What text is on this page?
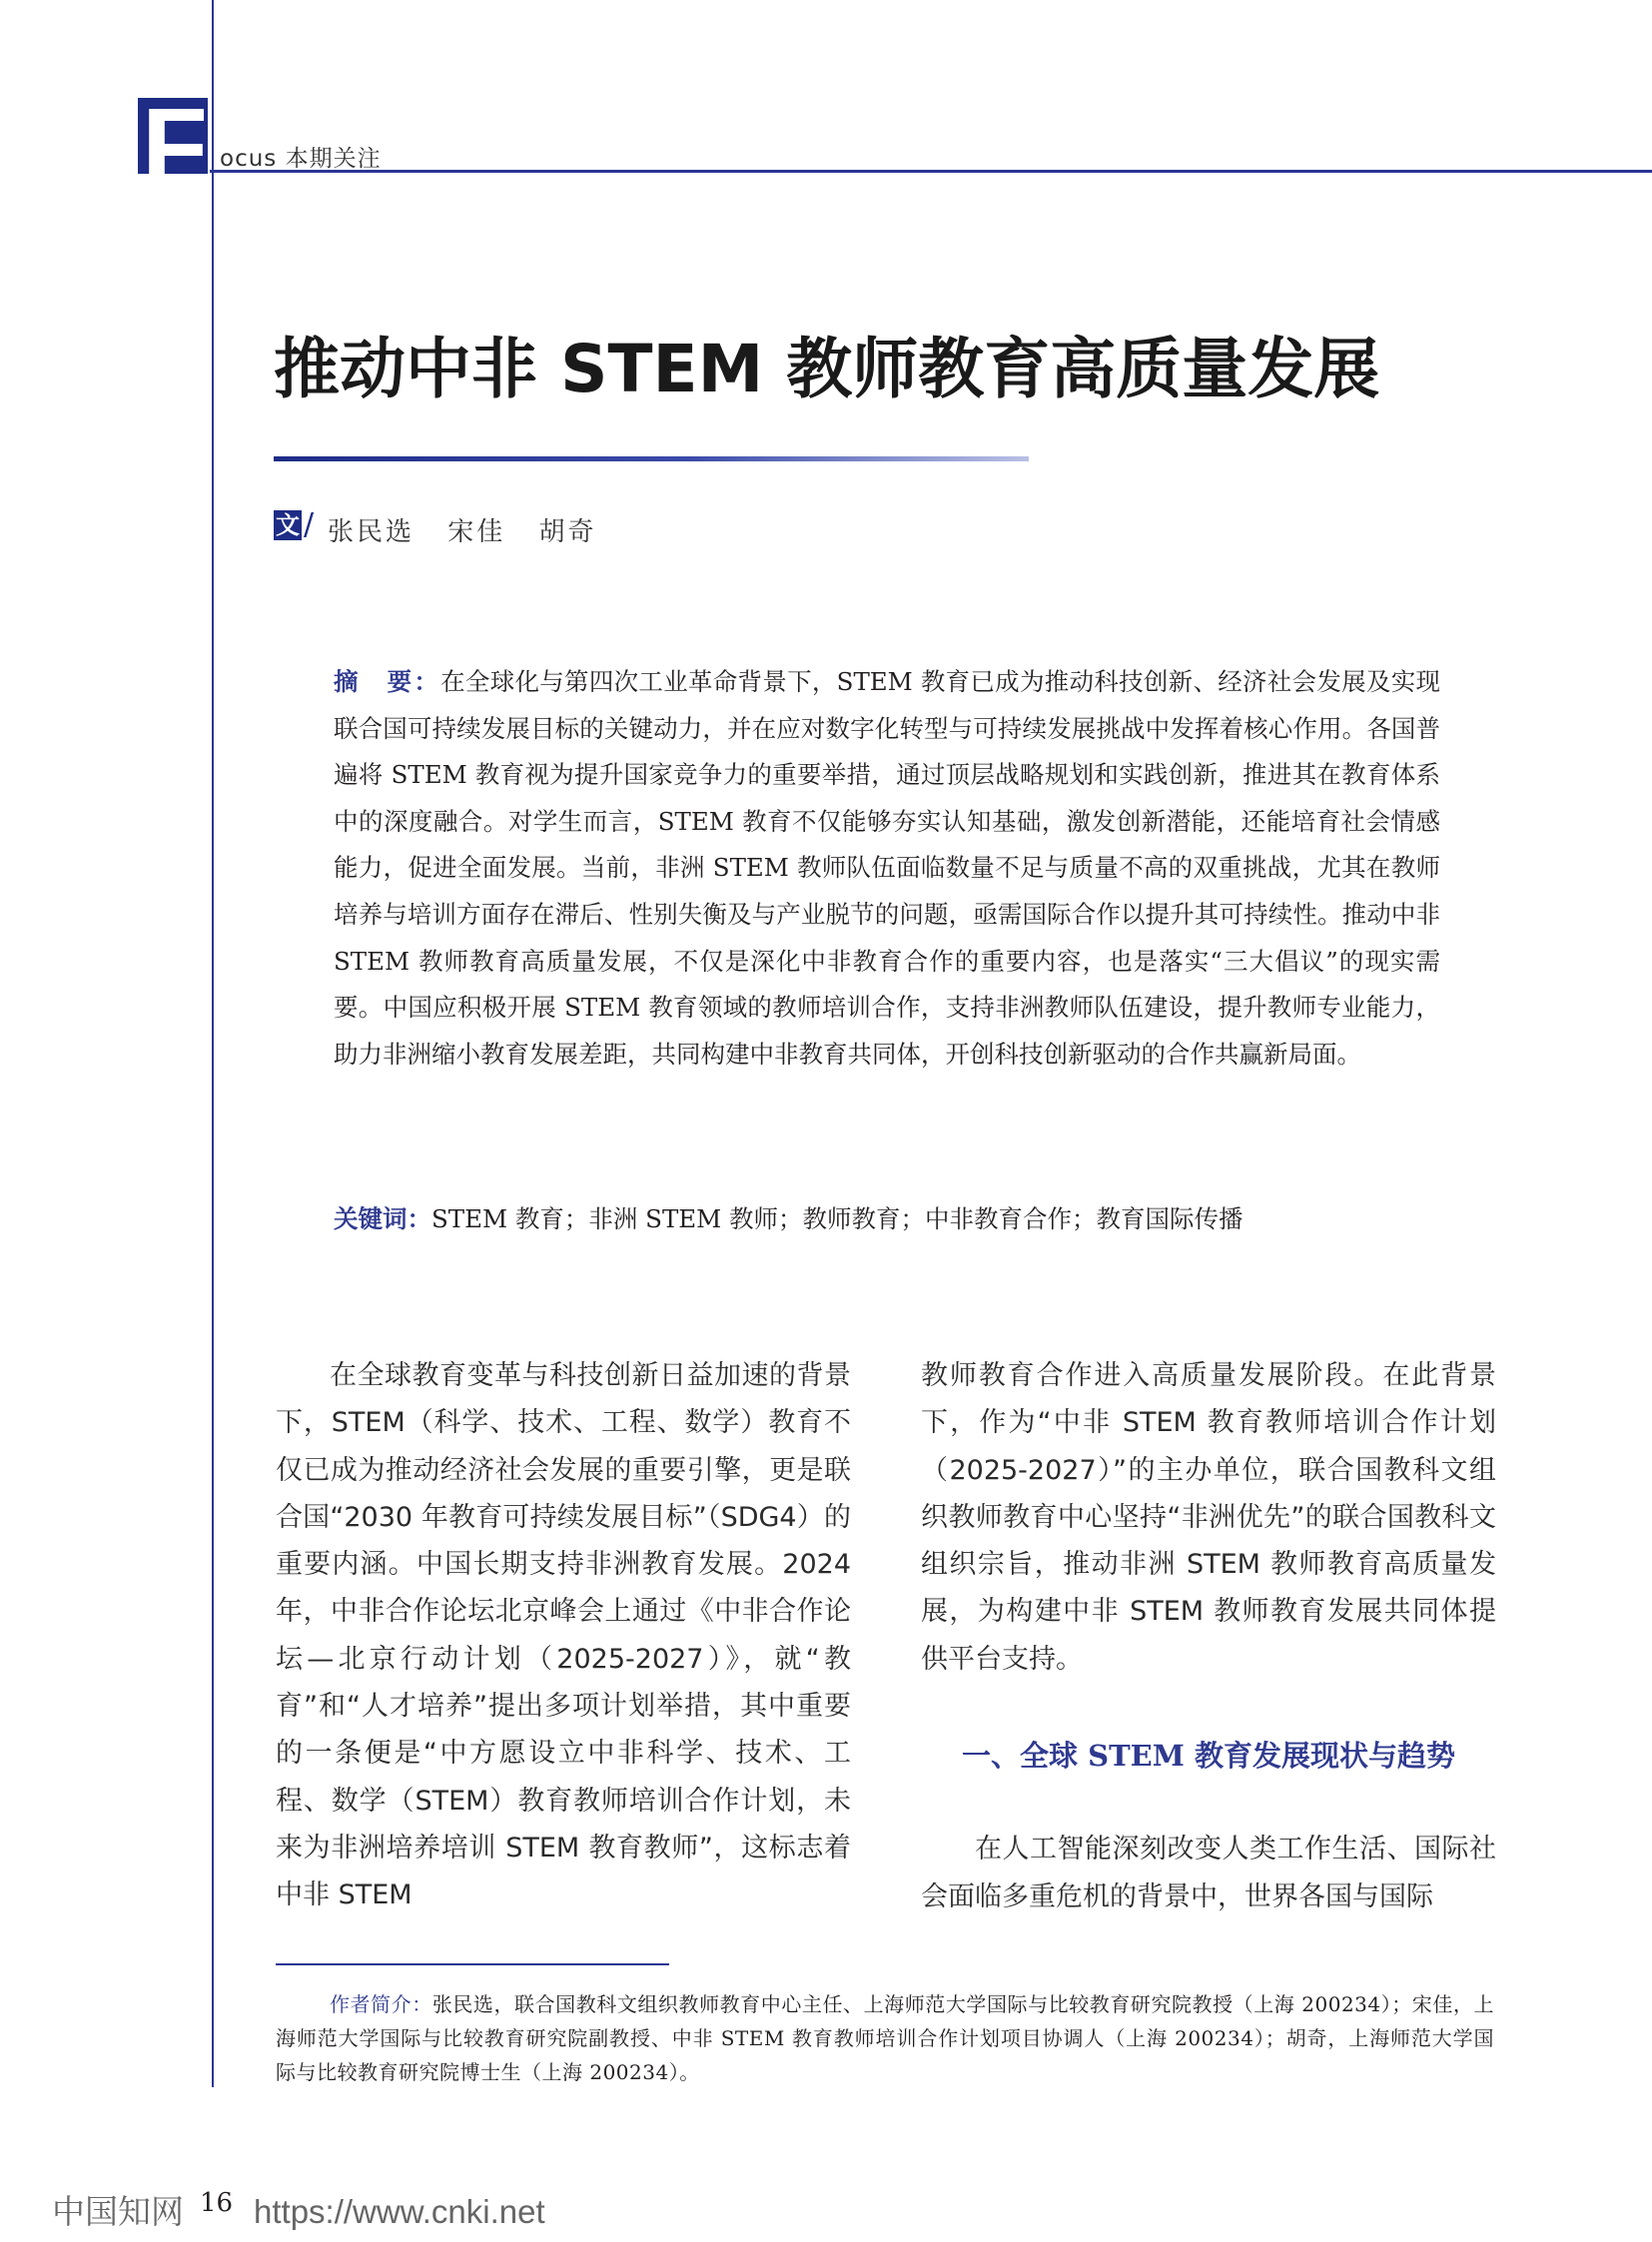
F ocus 本期关注
推动中非 STEM 教师教育高质量发展
文 / 张民选 宋佳 胡奇
摘　要：在全球化与第四次工业革命背景下，STEM 教育已成为推动科技创新、经济社会发展及实现联合国可持续发展目标的关键动力，并在应对数字化转型与可持续发展挑战中发挥着核心作用。各国普遍将 STEM 教育视为提升国家竞争力的重要举措，通过顶层战略规划和实践创新，推进其在教育体系中的深度融合。对学生而言，STEM 教育不仅能够夯实认知基础，激发创新潜能，还能培育社会情感能力，促进全面发展。当前，非洲 STEM 教师队伍面临数量不足与质量不高的双重挑战，尤其在教师培养与培训方面存在滞后、性别失衡及与产业脱节的问题，亟需国际合作以提升其可持续性。推动中非 STEM 教师教育高质量发展，不仅是深化中非教育合作的重要内容，也是落实“三大倡议”的现实需要。中国应积极开展 STEM 教育领域的教师培训合作，支持非洲教师队伍建设，提升教师专业能力，助力非洲缩小教育发展差距，共同构建中非教育共同体，开创科技创新驱动的合作共赢新局面。
关键词：STEM 教育；非洲 STEM 教师；教师教育；中非教育合作；教育国际传播

在全球教育变革与科技创新日益加速的背景下，STEM（科学、技术、工程、数学）教育不仅已成为推动经济社会发展的重要引擎，更是联合国“2030 年教育可持续发展目标”（SDG4）的重要内涵。中国长期支持非洲教育发展。2024 年，中非合作论坛北京峰会上通过《中非合作论坛—北京行动计划（2025-2027）》，就“教育”和“人才培养”提出多项计划举措，其中重要的一条便是“中方愿设立中非科学、技术、工程、数学（STEM）教育教师培训合作计划，未来为非洲培养培训 STEM 教育教师”，这标志着中非 STEM

教师教育合作进入高质量发展阶段。在此背景下，作为“中非 STEM 教育教师培训合作计划（2025-2027）”的主办单位，联合国教科文组织教师教育中心坚持“非洲优先”的联合国教科文组织宗旨，推动非洲 STEM 教师教育高质量发展，为构建中非 STEM 教师教育发展共同体提供平台支持。

一、全球 STEM 教育发展现状与趋势

在人工智能深刻改变人类工作生活、国际社会面临多重危机的背景中，世界各国与国际

作者简介：张民选，联合国教科文组织教师教育中心主任、上海师范大学国际与比较教育研究院教授（上海 200234）；宋佳，上海师范大学国际与比较教育研究院副教授、中非 STEM 教育教师培训合作计划项目协调人（上海 200234）；胡奇，上海师范大学国际与比较教育研究院博士生（上海 200234）。
中国知网 https://www.cnki.net
16
